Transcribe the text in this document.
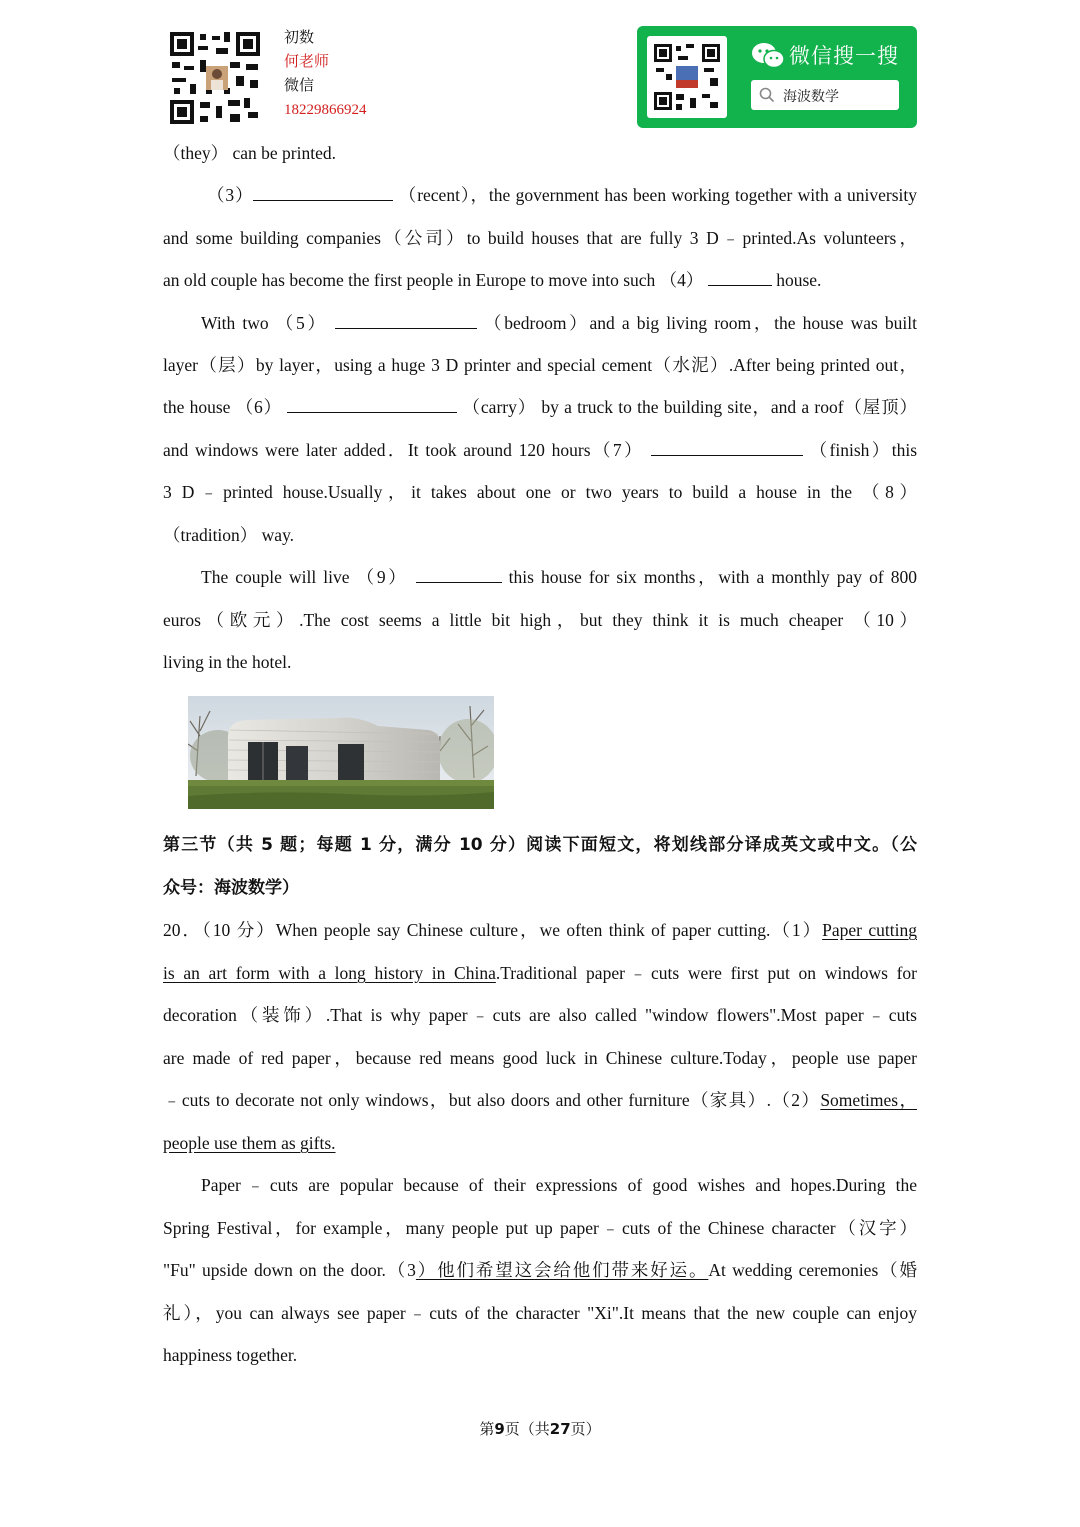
初数
何老师
微信
18229866924
微信搜一搜
海波数学
（they） can be printed.
（3）	（recent），the government has been working together with a university
and some building companies（公司）to build houses that are fully 3 D﹣printed.As volunteers，
an old couple has become the first people in Europe to move into such （4）	house.
With two （5）	（bedroom）and a big living room，the house was built
layer（层）by layer，using a huge 3 D printer and special cement（水泥）.After being printed out，
the house （6）	（carry） by a truck to the building site，and a roof（屋顶）
and windows were later added．It took around 120 hours（7）	（finish）this
3 D﹣printed house.Usually，it takes about one or two years to build a house in the （8）
（tradition） way.
The couple will live （9）	this house for six months，with a monthly pay of 800
euros（欧元）.The cost seems a little bit high，but they think it is much cheaper （10）
living in the hotel.
第三节（共 5 题；每题 1 分，满分 10 分）阅读下面短文，将划线部分译成英文或中文。（公
众号：海波数学）
20．（10 分）When people say Chinese culture，we often think of paper cutting.（1）Paper cutting
is an art form with a long history in China.Traditional paper﹣cuts were first put on windows for
decoration（装饰）.That is why paper﹣cuts are also called "window flowers".Most paper﹣cuts
are made of red paper，because red means good luck in Chinese culture.Today，people use paper
﹣cuts to decorate not only windows，but also doors and other furniture（家具）.（2）Sometimes，
people use them as gifts.
Paper﹣cuts are popular because of their expressions of good wishes and hopes.During the
Spring Festival，for example，many people put up paper﹣cuts of the Chinese character（汉字）
"Fu" upside down on the door.（3）他们希望这会给他们带来好运。At wedding ceremonies（婚
礼），you can always see paper﹣cuts of the character "Xi".It means that the new couple can enjoy
happiness together.
第9页（共27页）
